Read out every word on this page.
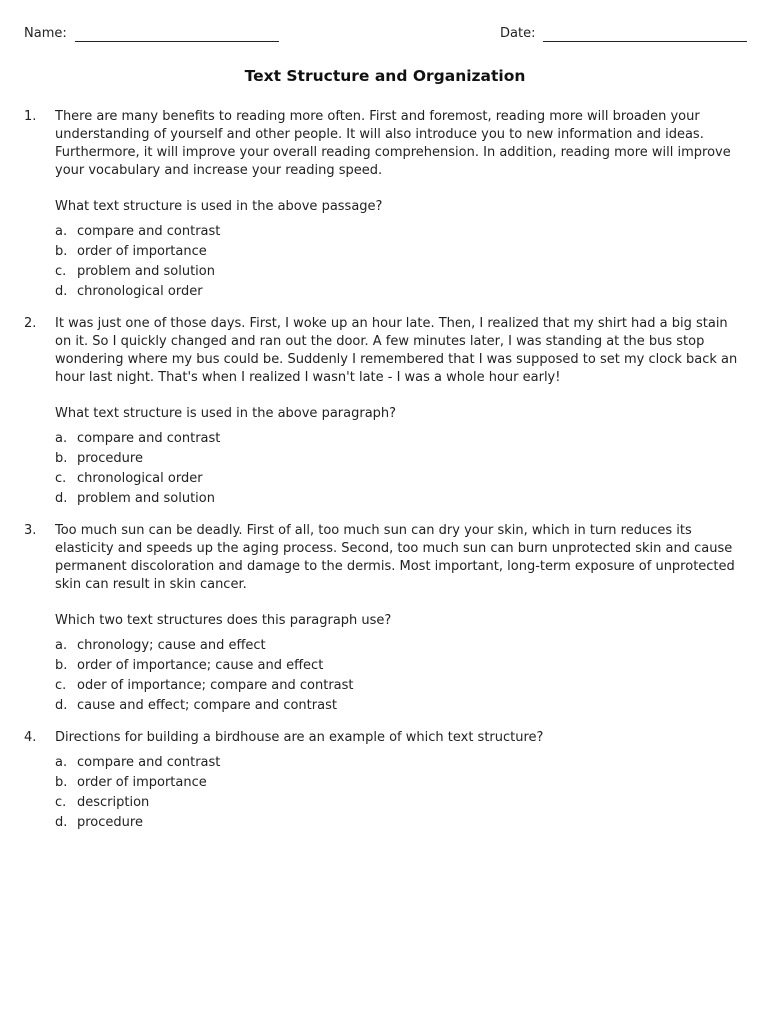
Name:	Date:
Text Structure and Organization
1. There are many benefits to reading more often. First and foremost, reading more will broaden your understanding of yourself and other people. It will also introduce you to new information and ideas. Furthermore, it will improve your overall reading comprehension. In addition, reading more will improve your vocabulary and increase your reading speed.

What text structure is used in the above passage?

a. compare and contrast
b. order of importance
c. problem and solution
d. chronological order
2. It was just one of those days. First, I woke up an hour late. Then, I realized that my shirt had a big stain on it. So I quickly changed and ran out the door. A few minutes later, I was standing at the bus stop wondering where my bus could be. Suddenly I remembered that I was supposed to set my clock back an hour last night. That's when I realized I wasn't late - I was a whole hour early!

What text structure is used in the above paragraph?

a. compare and contrast
b. procedure
c. chronological order
d. problem and solution
3. Too much sun can be deadly. First of all, too much sun can dry your skin, which in turn reduces its elasticity and speeds up the aging process. Second, too much sun can burn unprotected skin and cause permanent discoloration and damage to the dermis. Most important, long-term exposure of unprotected skin can result in skin cancer.

Which two text structures does this paragraph use?

a. chronology; cause and effect
b. order of importance; cause and effect
c. oder of importance; compare and contrast
d. cause and effect; compare and contrast
4. Directions for building a birdhouse are an example of which text structure?

a. compare and contrast
b. order of importance
c. description
d. procedure
